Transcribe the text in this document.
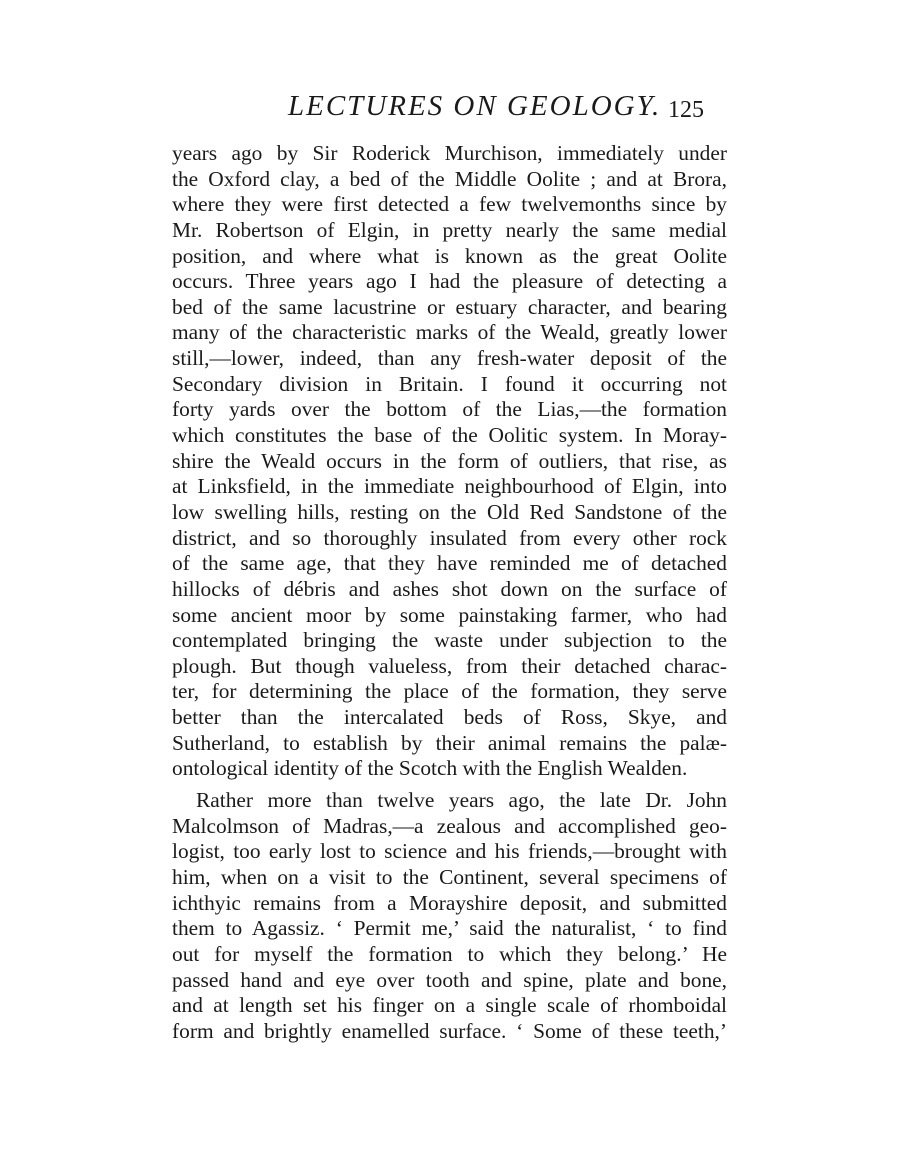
LECTURES ON GEOLOGY. 125
years ago by Sir Roderick Murchison, immediately under
the Oxford clay, a bed of the Middle Oolite ; and at Brora,
where they were first detected a few twelvemonths since by
Mr. Robertson of Elgin, in pretty nearly the same medial
position, and where what is known as the great Oolite
occurs. Three years ago I had the pleasure of detecting a
bed of the same lacustrine or estuary character, and bearing
many of the characteristic marks of the Weald, greatly lower
still,—lower, indeed, than any fresh-water deposit of the
Secondary division in Britain. I found it occurring not
forty yards over the bottom of the Lias,—the formation
which constitutes the base of the Oolitic system. In Moray-
shire the Weald occurs in the form of outliers, that rise, as
at Linksfield, in the immediate neighbourhood of Elgin, into
low swelling hills, resting on the Old Red Sandstone of the
district, and so thoroughly insulated from every other rock
of the same age, that they have reminded me of detached
hillocks of débris and ashes shot down on the surface of
some ancient moor by some painstaking farmer, who had
contemplated bringing the waste under subjection to the
plough. But though valueless, from their detached charac-
ter, for determining the place of the formation, they serve
better than the intercalated beds of Ross, Skye, and
Sutherland, to establish by their animal remains the palæ-
ontological identity of the Scotch with the English Wealden.
Rather more than twelve years ago, the late Dr. John
Malcolmson of Madras,—a zealous and accomplished geo-
logist, too early lost to science and his friends,—brought with
him, when on a visit to the Continent, several specimens of
ichthyic remains from a Morayshire deposit, and submitted
them to Agassiz. ‘ Permit me,’ said the naturalist, ‘ to find
out for myself the formation to which they belong.’ He
passed hand and eye over tooth and spine, plate and bone,
and at length set his finger on a single scale of rhomboidal
form and brightly enamelled surface. ‘ Some of these teeth,’
